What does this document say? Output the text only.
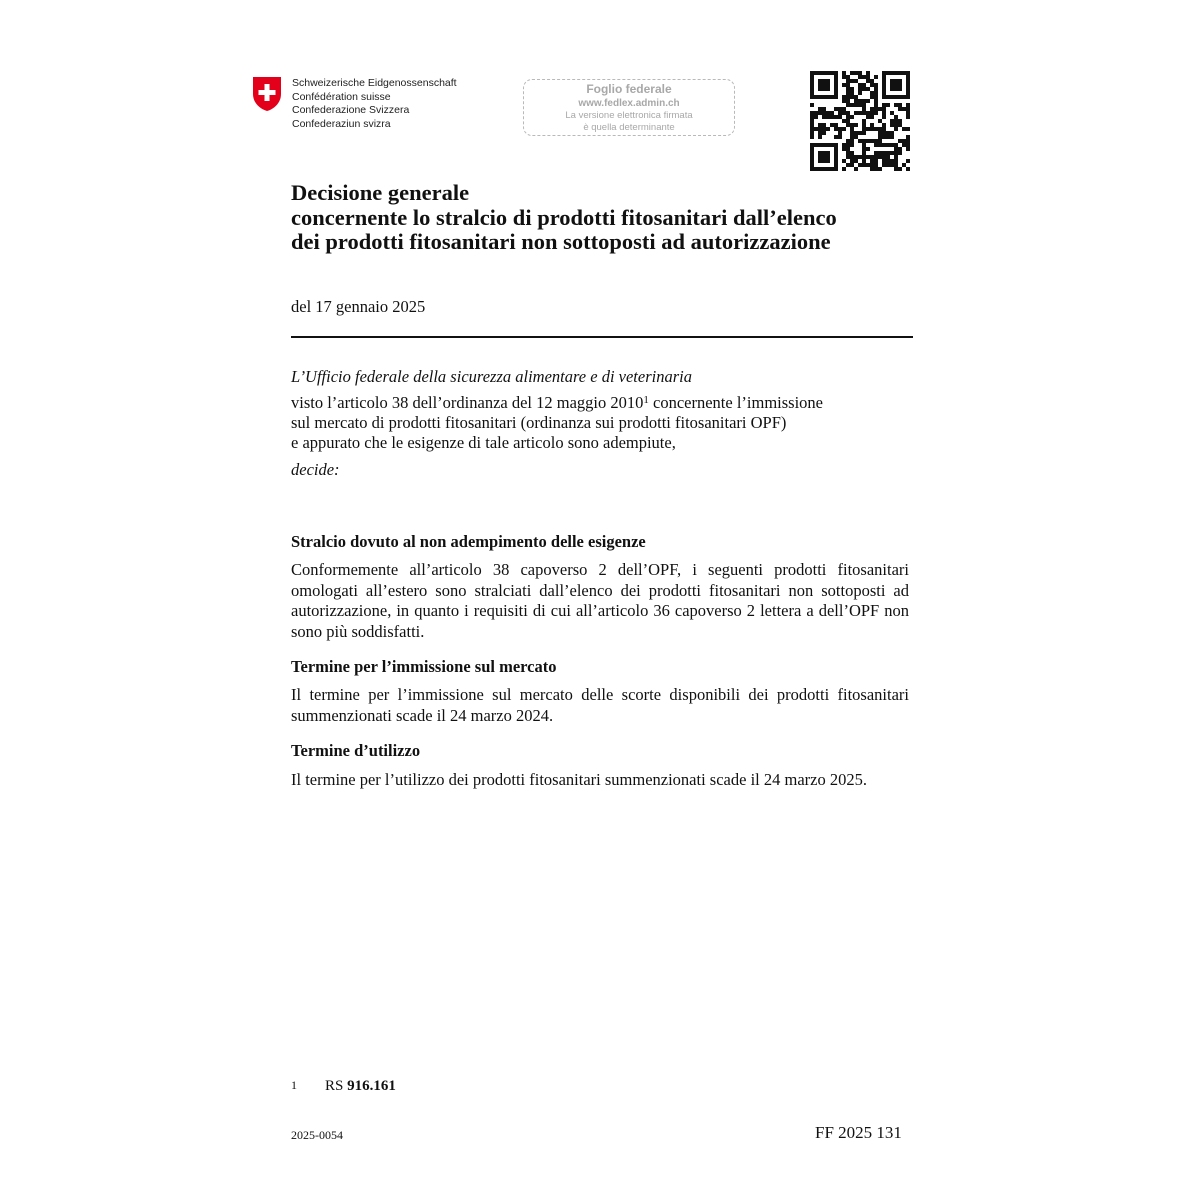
Schweizerische Eidgenossenschaft
Confédération suisse
Confederazione Svizzera
Confederaziun svizra
Foglio federale
www.fedlex.admin.ch
La versione elettronica firmata
è quella determinante
Decisione generale
concernente lo stralcio di prodotti fitosanitari dall’elenco
dei prodotti fitosanitari non sottoposti ad autorizzazione
del 17 gennaio 2025
L’Ufficio federale della sicurezza alimentare e di veterinaria
visto l’articolo 38 dell’ordinanza del 12 maggio 2010$^1$ concernente l’immissione
sul mercato di prodotti fitosanitari (ordinanza sui prodotti fitosanitari OPF)
e appurato che le esigenze di tale articolo sono adempiute,
decide:
Stralcio dovuto al non adempimento delle esigenze
Conformemente all’articolo 38 capoverso 2 dell’OPF, i seguenti prodotti fitosanitari omologati all’estero sono stralciati dall’elenco dei prodotti fitosanitari non sottoposti ad autorizzazione, in quanto i requisiti di cui all’articolo 36 capoverso 2 lettera a dell’OPF non sono più soddisfatti.
Termine per l’immissione sul mercato
Il termine per l’immissione sul mercato delle scorte disponibili dei prodotti fitosanitari summenzionati scade il 24 marzo 2024.
Termine d’utilizzo
Il termine per l’utilizzo dei prodotti fitosanitari summenzionati scade il 24 marzo 2025.
1 RS 916.161
2025-0054	FF 2025 131
